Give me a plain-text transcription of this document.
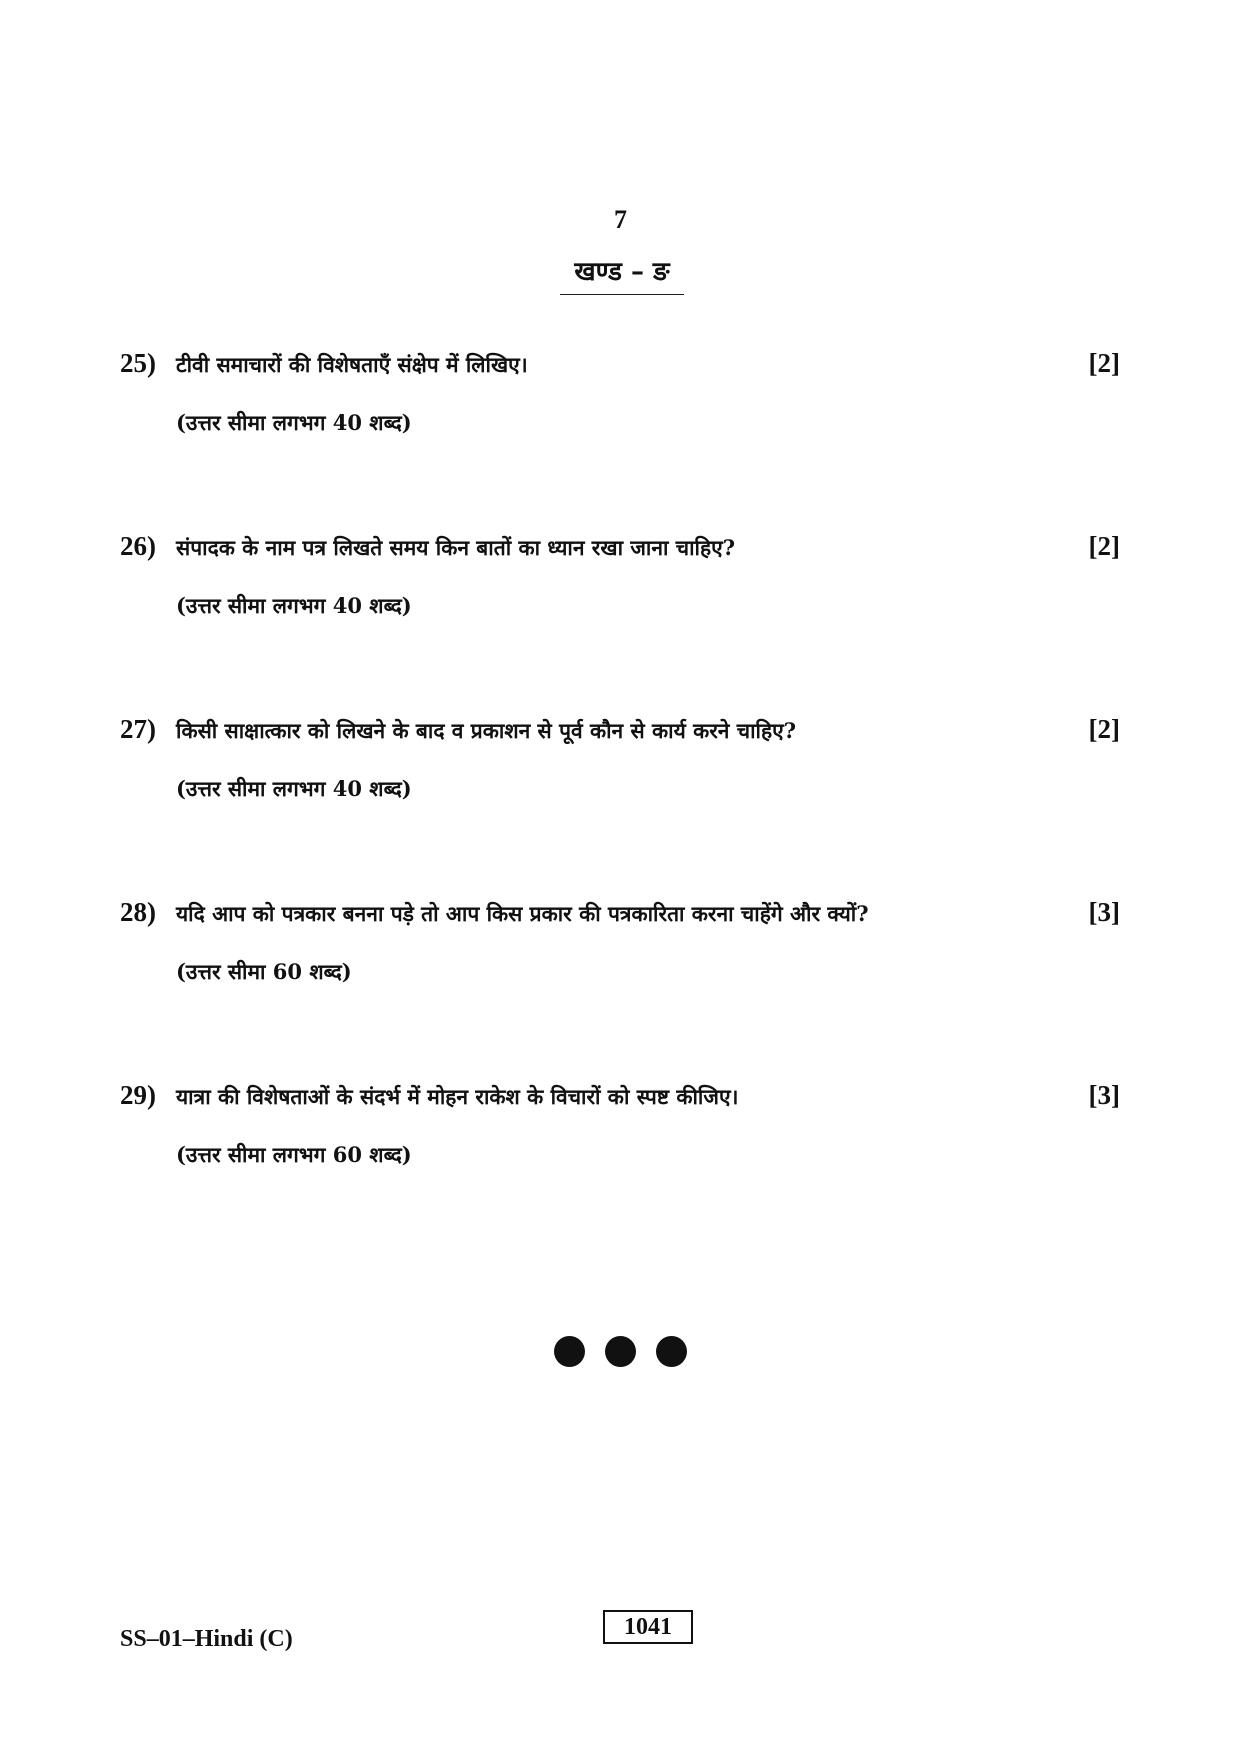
7
खण्ड – ङ
25) टीवी समाचारों की विशेषताएँ संक्षेप में लिखिए।	[2]
(उत्तर सीमा लगभग 40 शब्द)
26) संपादक के नाम पत्र लिखते समय किन बातों का ध्यान रखा जाना चाहिए?	[2]
(उत्तर सीमा लगभग 40 शब्द)
27) किसी साक्षात्कार को लिखने के बाद व प्रकाशन से पूर्व कौन से कार्य करने चाहिए?	[2]
(उत्तर सीमा लगभग 40 शब्द)
28) यदि आप को पत्रकार बनना पड़े तो आप किस प्रकार की पत्रकारिता करना चाहेंगे और क्यों?	[3]
(उत्तर सीमा 60 शब्द)
29) यात्रा की विशेषताओं के संदर्भ में मोहन राकेश के विचारों को स्पष्ट कीजिए।	[3]
(उत्तर सीमा लगभग 60 शब्द)
SS–01–Hindi (C)	1041
